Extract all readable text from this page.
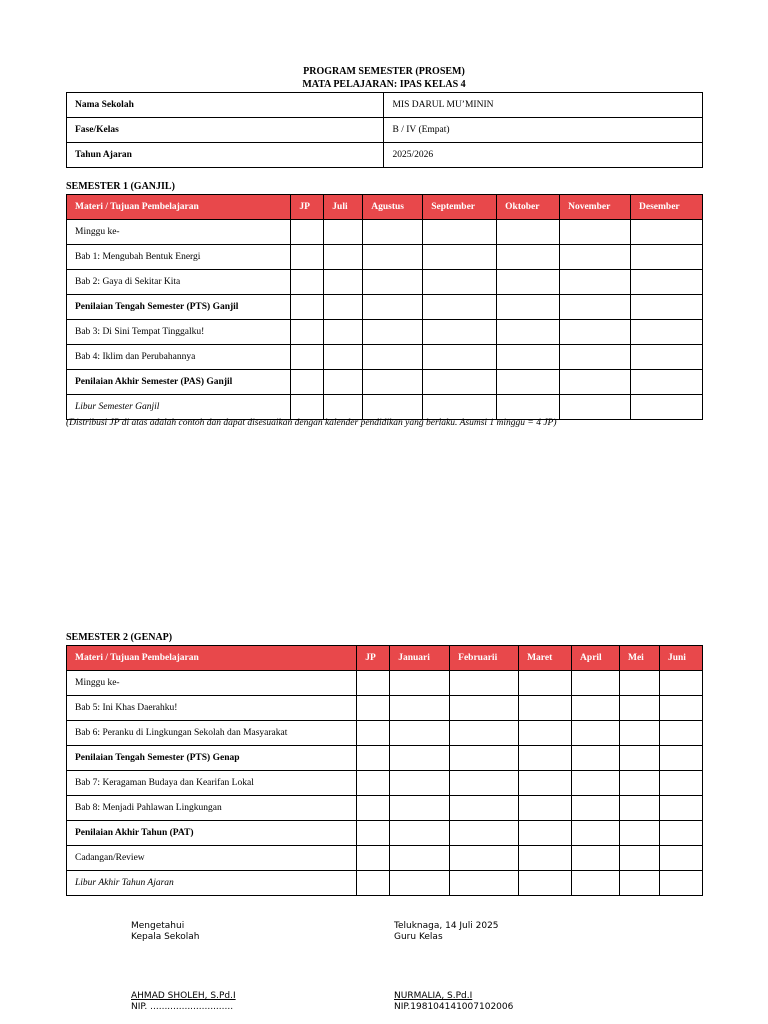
PROGRAM SEMESTER (PROSEM)
MATA PELAJARAN: IPAS KELAS 4
Nama Sekolah	MIS DARUL MU’MININ
Fase/Kelas	B / IV (Empat)
Tahun Ajaran	2025/2026
SEMESTER 1 (GANJIL)
Materi / Tujuan Pembelajaran	JP	Juli	Agustus	September	Oktober	November	Desember
Minggu ke-							
Bab 1: Mengubah Bentuk Energi							
Bab 2: Gaya di Sekitar Kita							
Penilaian Tengah Semester (PTS) Ganjil							
Bab 3: Di Sini Tempat Tinggalku!							
Bab 4: Iklim dan Perubahannya							
Penilaian Akhir Semester (PAS) Ganjil							
Libur Semester Ganjil							
(Distribusi JP di atas adalah contoh dan dapat disesuaikan dengan kalender pendidikan yang berlaku. Asumsi 1 minggu = 4 JP)
SEMESTER 2 (GENAP)
Materi / Tujuan Pembelajaran	JP	Januari	Februarii	Maret	April	Mei	Juni
Minggu ke-							
Bab 5: Ini Khas Daerahku!							
Bab 6: Peranku di Lingkungan Sekolah dan Masyarakat							
Penilaian Tengah Semester (PTS) Genap							
Bab 7: Keragaman Budaya dan Kearifan Lokal							
Bab 8: Menjadi Pahlawan Lingkungan							
Penilaian Akhir Tahun (PAT)							
Cadangan/Review							
Libur Akhir Tahun Ajaran							
Mengetahui
Kepala Sekolah
AHMAD SHOLEH, S.Pd.I
NIP. .............................
Teluknaga, 14 Juli 2025
Guru Kelas
NURMALIA, S.Pd.I
NIP.198104141007102006
